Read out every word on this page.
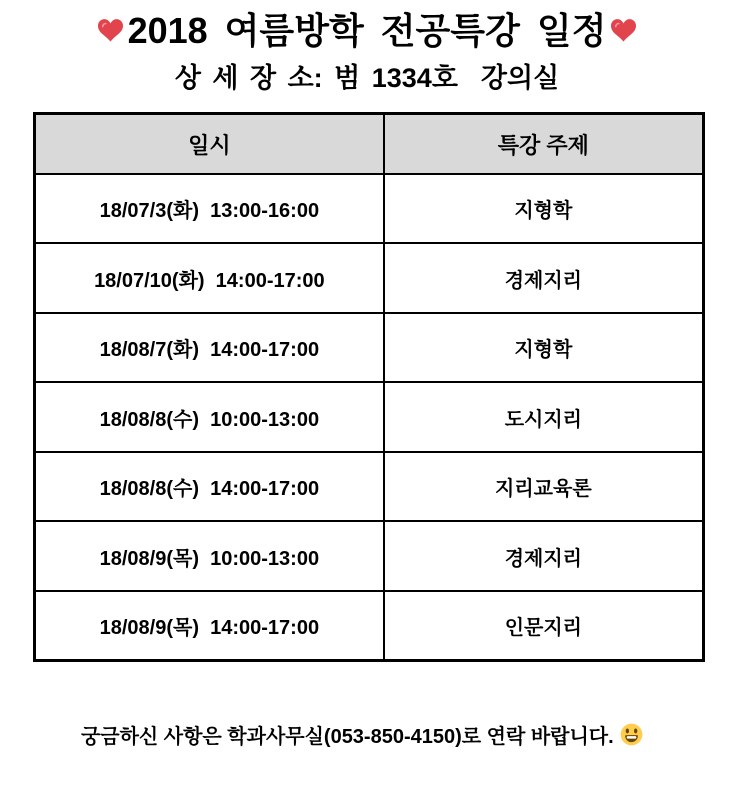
2018 여름방학 전공특강 일정
상 세 장 소: 범 1334호  강의실
일시	특강 주제
18/07/3(화)  13:00-16:00	지형학
18/07/10(화)  14:00-17:00	경제지리
18/08/7(화)  14:00-17:00	지형학
18/08/8(수)  10:00-13:00	도시지리
18/08/8(수)  14:00-17:00	지리교육론
18/08/9(목)  10:00-13:00	경제지리
18/08/9(목)  14:00-17:00	인문지리
궁금하신 사항은 학과사무실(053-850-4150)로 연락 바랍니다.
